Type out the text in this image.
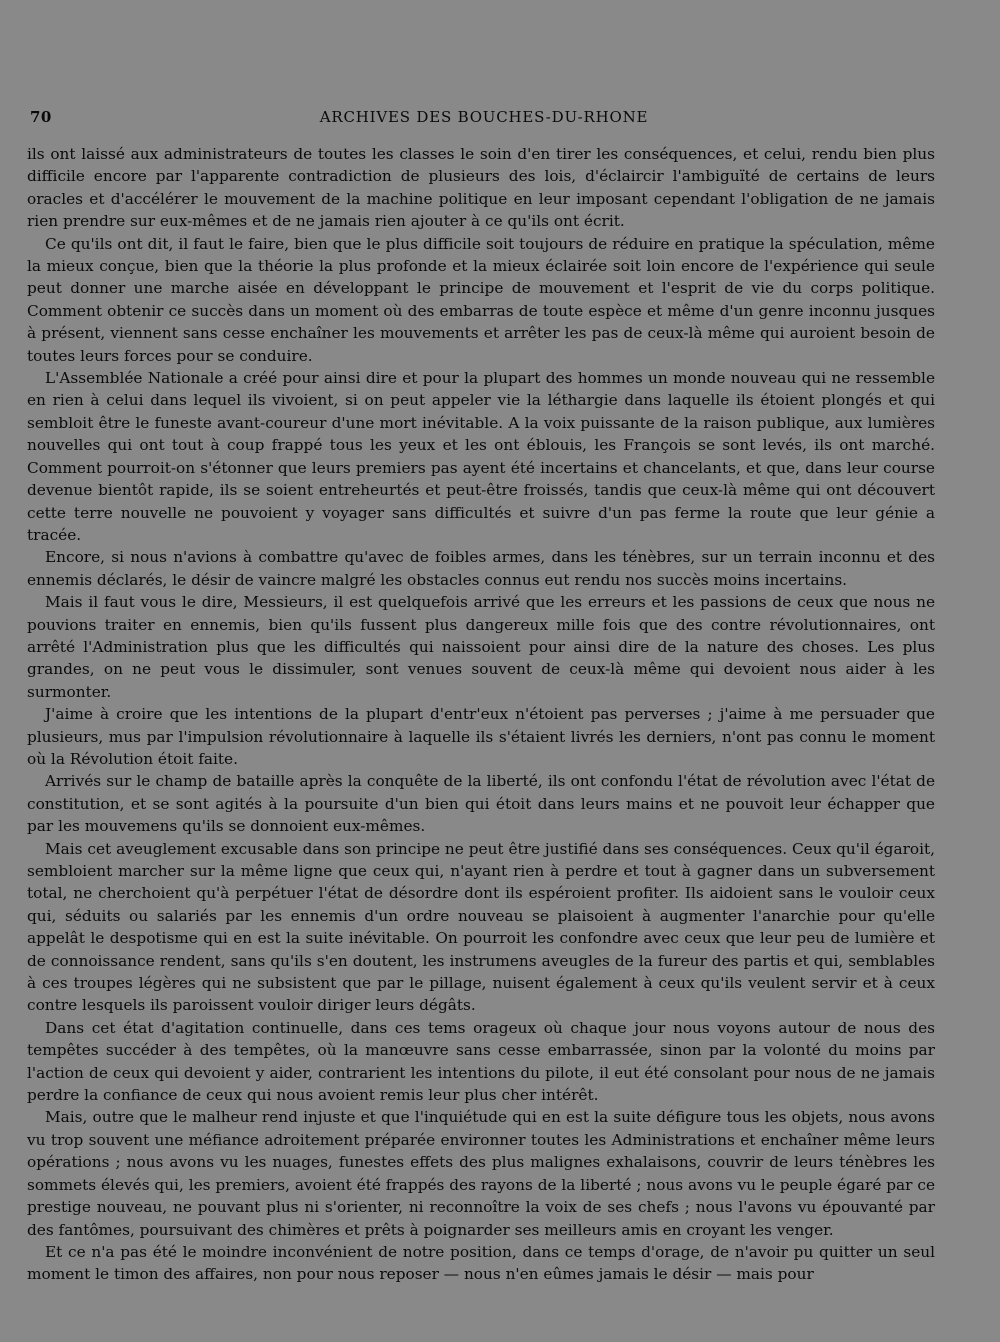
70	ARCHIVES DES BOUCHES-DU-RHONE

ils ont laissé aux administrateurs de toutes les classes le soin d'en tirer les conséquences, et celui, rendu bien plus difficile encore par l'apparente contradiction de plusieurs des lois, d'éclaircir l'ambiguïté de certains de leurs oracles et d'accélérer le mouvement de la machine politique en leur imposant cependant l'obligation de ne jamais rien prendre sur eux-mêmes et de ne jamais rien ajouter à ce qu'ils ont écrit.

Ce qu'ils ont dit, il faut le faire, bien que le plus difficile soit toujours de réduire en pratique la spéculation, même la mieux conçue, bien que la théorie la plus profonde et la mieux éclairée soit loin encore de l'expérience qui seule peut donner une marche aisée en développant le principe de mouvement et l'esprit de vie du corps politique. Comment obtenir ce succès dans un moment où des embarras de toute espèce et même d'un genre inconnu jusques à présent, viennent sans cesse enchaîner les mouvements et arrêter les pas de ceux-là même qui auroient besoin de toutes leurs forces pour se conduire.

L'Assemblée Nationale a créé pour ainsi dire et pour la plupart des hommes un monde nouveau qui ne ressemble en rien à celui dans lequel ils vivoient, si on peut appeler vie la léthargie dans laquelle ils étoient plongés et qui sembloit être le funeste avant-coureur d'une mort inévitable. A la voix puissante de la raison publique, aux lumières nouvelles qui ont tout à coup frappé tous les yeux et les ont éblouis, les François se sont levés, ils ont marché. Comment pourroit-on s'étonner que leurs premiers pas ayent été incertains et chancelants, et que, dans leur course devenue bientôt rapide, ils se soient entreheurtés et peut-être froissés, tandis que ceux-là même qui ont découvert cette terre nouvelle ne pouvoient y voyager sans difficultés et suivre d'un pas ferme la route que leur génie a tracée.

Encore, si nous n'avions à combattre qu'avec de foibles armes, dans les ténèbres, sur un terrain inconnu et des ennemis déclarés, le désir de vaincre malgré les obstacles connus eut rendu nos succès moins incertains.

Mais il faut vous le dire, Messieurs, il est quelquefois arrivé que les erreurs et les passions de ceux que nous ne pouvions traiter en ennemis, bien qu'ils fussent plus dangereux mille fois que des contre révolutionnaires, ont arrêté l'Administration plus que les difficultés qui naissoient pour ainsi dire de la nature des choses. Les plus grandes, on ne peut vous le dissimuler, sont venues souvent de ceux-là même qui devoient nous aider à les surmonter.

J'aime à croire que les intentions de la plupart d'entr'eux n'étoient pas perverses ; j'aime à me persuader que plusieurs, mus par l'impulsion révolutionnaire à laquelle ils s'étaient livrés les derniers, n'ont pas connu le moment où la Révolution étoit faite.

Arrivés sur le champ de bataille après la conquête de la liberté, ils ont confondu l'état de révolution avec l'état de constitution, et se sont agités à la poursuite d'un bien qui étoit dans leurs mains et ne pouvoit leur échapper que par les mouvemens qu'ils se donnoient eux-mêmes.

Mais cet aveuglement excusable dans son principe ne peut être justifié dans ses conséquences. Ceux qu'il égaroit, sembloient marcher sur la même ligne que ceux qui, n'ayant rien à perdre et tout à gagner dans un subversement total, ne cherchoient qu'à perpétuer l'état de désordre dont ils espéroient profiter. Ils aidoient sans le vouloir ceux qui, séduits ou salariés par les ennemis d'un ordre nouveau se plaisoient à augmenter l'anarchie pour qu'elle appelât le despotisme qui en est la suite inévitable. On pourroit les confondre avec ceux que leur peu de lumière et de connoissance rendent, sans qu'ils s'en doutent, les instrumens aveugles de la fureur des partis et qui, semblables à ces troupes légères qui ne subsistent que par le pillage, nuisent également à ceux qu'ils veulent servir et à ceux contre lesquels ils paroissent vouloir diriger leurs dégâts.

Dans cet état d'agitation continuelle, dans ces tems orageux où chaque jour nous voyons autour de nous des tempêtes succéder à des tempêtes, où la manœuvre sans cesse embarrassée, sinon par la volonté du moins par l'action de ceux qui devoient y aider, contrarient les intentions du pilote, il eut été consolant pour nous de ne jamais perdre la confiance de ceux qui nous avoient remis leur plus cher intérêt.

Mais, outre que le malheur rend injuste et que l'inquiétude qui en est la suite défigure tous les objets, nous avons vu trop souvent une méfiance adroitement préparée environner toutes les Administrations et enchaîner même leurs opérations ; nous avons vu les nuages, funestes effets des plus malignes exhalaisons, couvrir de leurs ténèbres les sommets élevés qui, les premiers, avoient été frappés des rayons de la liberté ; nous avons vu le peuple égaré par ce prestige nouveau, ne pouvant plus ni s'orienter, ni reconnoître la voix de ses chefs ; nous l'avons vu épouvanté par des fantômes, poursuivant des chimères et prêts à poignarder ses meilleurs amis en croyant les venger.

Et ce n'a pas été le moindre inconvénient de notre position, dans ce temps d'orage, de n'avoir pu quitter un seul moment le timon des affaires, non pour nous reposer — nous n'en eûmes jamais le désir — mais pour
